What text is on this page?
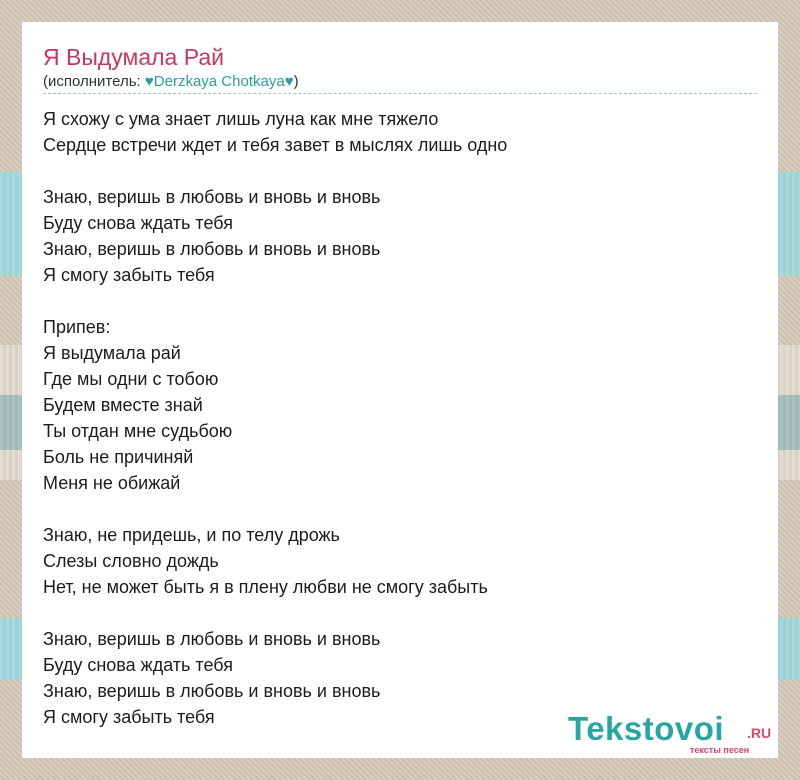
Я Выдумала Рай
(исполнитель: ♥Derzkaya Chotkaya♥)
Я схожу с ума знает лишь луна как мне тяжело
Сердце встречи ждет и тебя завет в мыслях лишь одно
Знаю, веришь в любовь и вновь и вновь
Буду снова ждать тебя
Знаю, веришь в любовь и вновь и вновь
Я смогу забыть тебя
Припев:
Я выдумала рай
Где мы одни с тобою
Будем вместе знай
Ты отдан мне судьбою
Боль не причиняй
Меня не обижай
Знаю, не придешь, и по телу дрожь
Слезы словно дождь
Нет, не может быть я в плену любви не смогу забыть
Знаю, веришь в любовь и вновь и вновь
Буду снова ждать тебя
Знаю, веришь в любовь и вновь и вновь
Я смогу забыть тебя	Tekstovoi .RU
тексты песен
